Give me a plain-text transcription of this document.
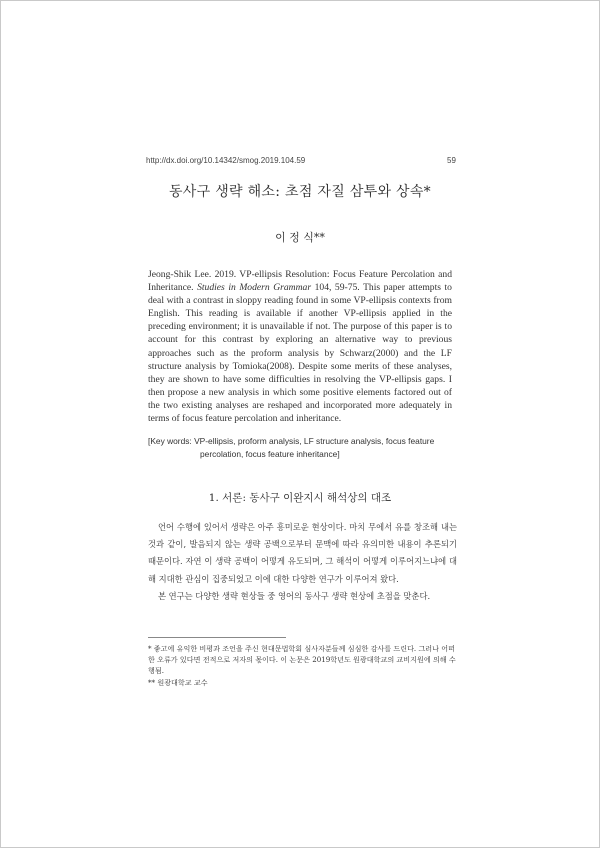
http://dx.doi.org/10.14342/smog.2019.104.59	59
동사구 생략 해소: 초점 자질 삼투와 상속*
이 정 식**
Jeong-Shik Lee. 2019. VP-ellipsis Resolution: Focus Feature Percolation and Inheritance. Studies in Modern Grammar 104, 59-75. This paper attempts to deal with a contrast in sloppy reading found in some VP-ellipsis contexts from English. This reading is available if another VP-ellipsis applied in the preceding environment; it is unavailable if not. The purpose of this paper is to account for this contrast by exploring an alternative way to previous approaches such as the proform analysis by Schwarz(2000) and the LF structure analysis by Tomioka(2008). Despite some merits of these analyses, they are shown to have some difficulties in resolving the VP-ellipsis gaps. I then propose a new analysis in which some positive elements factored out of the two existing analyses are reshaped and incorporated more adequately in terms of focus feature percolation and inheritance.
[Key words: VP-ellipsis, proform analysis, LF structure analysis, focus feature
percolation, focus feature inheritance]
1. 서론: 동사구 이완지시 해석상의 대조

언어 수행에 있어서 생략은 아주 흥미로운 현상이다. 마치 무에서 유를 창조해 내는 것과 같이, 발음되지 않는 생략 공백으로부터 문맥에 따라 유의미한 내용이 추론되기 때문이다. 자연 이 생략 공백이 어떻게 유도되며, 그 해석이 어떻게 이루어지느냐에 대해 지대한 관심이 집중되었고 이에 대한 다양한 연구가 이루어져 왔다.

본 연구는 다양한 생략 현상들 중 영어의 동사구 생략 현상에 초점을 맞춘다.

* 좋고에 유익한 비평과 조언을 주신 현대문법학회 심사자분들께 심심한 감사를 드린다. 그러나 어떠한 오류가 있다면 전적으로 저자의 몫이다. 이 논문은 2019학년도 원광대학교의 교비지원에 의해 수행됨.

** 원광대학교 교수
